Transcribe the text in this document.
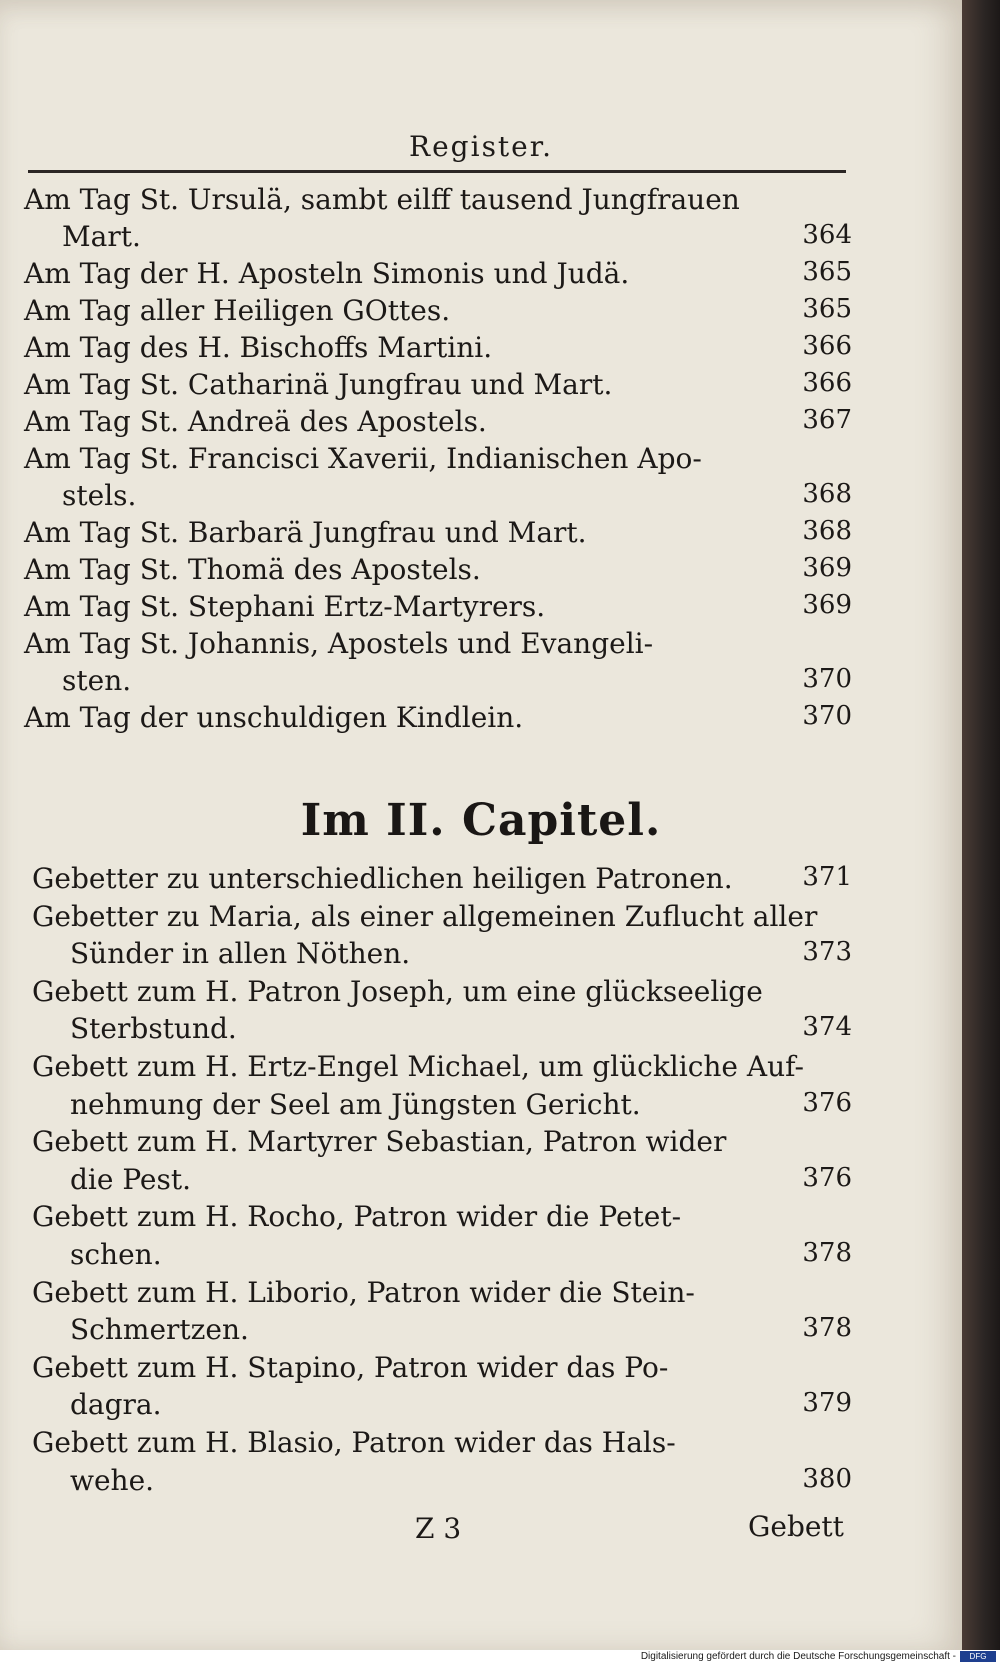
Register.
Am Tag St. Ursulä, sambt eilff tausend Jungfrauen
Mart.	364
Am Tag der H. Aposteln Simonis und Judä.	365
Am Tag aller Heiligen GOttes.	365
Am Tag des H. Bischoffs Martini.	366
Am Tag St. Catharinä Jungfrau und Mart.	366
Am Tag St. Andreä des Apostels.	367
Am Tag St. Francisci Xaverii, Indianischen Apo-
stels.	368
Am Tag St. Barbarä Jungfrau und Mart.	368
Am Tag St. Thomä des Apostels.	369
Am Tag St. Stephani Ertz-Martyrers.	369
Am Tag St. Johannis, Apostels und Evangeli-
sten.	370
Am Tag der unschuldigen Kindlein.	370
Im II. Capitel.
Gebetter zu unterschiedlichen heiligen Patronen.	371
Gebetter zu Maria, als einer allgemeinen Zuflucht aller
Sünder in allen Nöthen.	373
Gebett zum H. Patron Joseph, um eine glückseelige
Sterbstund.	374
Gebett zum H. Ertz-Engel Michael, um glückliche Auf-
nehmung der Seel am Jüngsten Gericht.	376
Gebett zum H. Martyrer Sebastian, Patron wider
die Pest.	376
Gebett zum H. Rocho, Patron wider die Petet-
schen.	378
Gebett zum H. Liborio, Patron wider die Stein-
Schmertzen.	378
Gebett zum H. Stapino, Patron wider das Po-
dagra.	379
Gebett zum H. Blasio, Patron wider das Hals-
wehe.	380
Z 3	Gebett
Digitalisierung gefördert durch die Deutsche Forschungsgemeinschaft -	DFG
